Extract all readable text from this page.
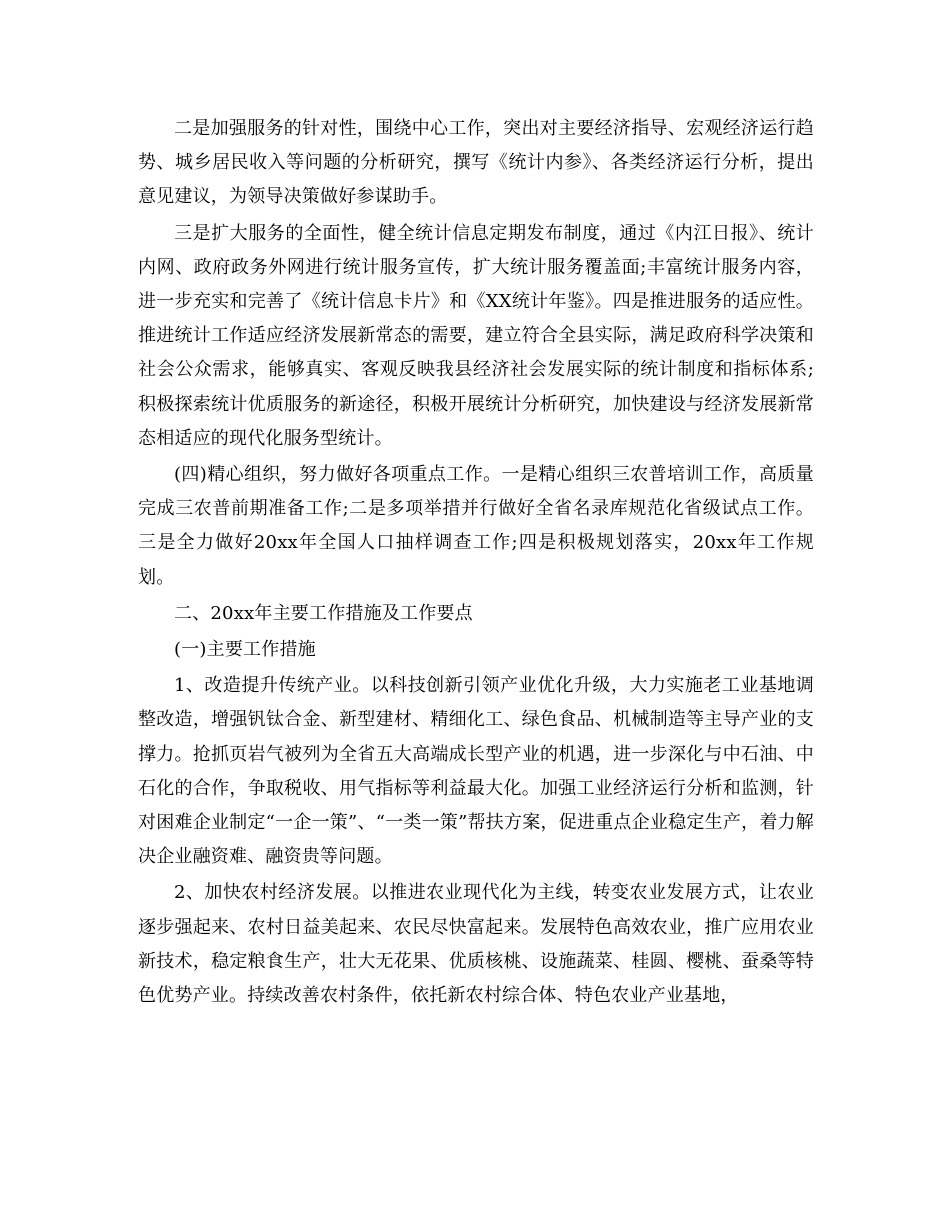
二是加强服务的针对性，围绕中心工作，突出对主要经济指导、宏观经济运行趋势、城乡居民收入等问题的分析研究，撰写《统计内参》、各类经济运行分析，提出意见建议，为领导决策做好参谋助手。

三是扩大服务的全面性，健全统计信息定期发布制度，通过《内江日报》、统计内网、政府政务外网进行统计服务宣传，扩大统计服务覆盖面;丰富统计服务内容，进一步充实和完善了《统计信息卡片》和《XX统计年鉴》。四是推进服务的适应性。推进统计工作适应经济发展新常态的需要，建立符合全县实际，满足政府科学决策和社会公众需求，能够真实、客观反映我县经济社会发展实际的统计制度和指标体系;积极探索统计优质服务的新途径，积极开展统计分析研究，加快建设与经济发展新常态相适应的现代化服务型统计。

(四)精心组织，努力做好各项重点工作。一是精心组织三农普培训工作，高质量完成三农普前期准备工作;二是多项举措并行做好全省名录库规范化省级试点工作。三是全力做好20xx年全国人口抽样调查工作;四是积极规划落实，20xx年工作规划。

二、20xx年主要工作措施及工作要点

(一)主要工作措施

1、改造提升传统产业。以科技创新引领产业优化升级，大力实施老工业基地调整改造，增强钒钛合金、新型建材、精细化工、绿色食品、机械制造等主导产业的支撑力。抢抓页岩气被列为全省五大高端成长型产业的机遇，进一步深化与中石油、中石化的合作，争取税收、用气指标等利益最大化。加强工业经济运行分析和监测，针对困难企业制定“一企一策”、“一类一策”帮扶方案，促进重点企业稳定生产，着力解决企业融资难、融资贵等问题。

2、加快农村经济发展。以推进农业现代化为主线，转变农业发展方式，让农业逐步强起来、农村日益美起来、农民尽快富起来。发展特色高效农业，推广应用农业新技术，稳定粮食生产，壮大无花果、优质核桃、设施蔬菜、桂圆、樱桃、蚕桑等特色优势产业。持续改善农村条件，依托新农村综合体、特色农业产业基地，
